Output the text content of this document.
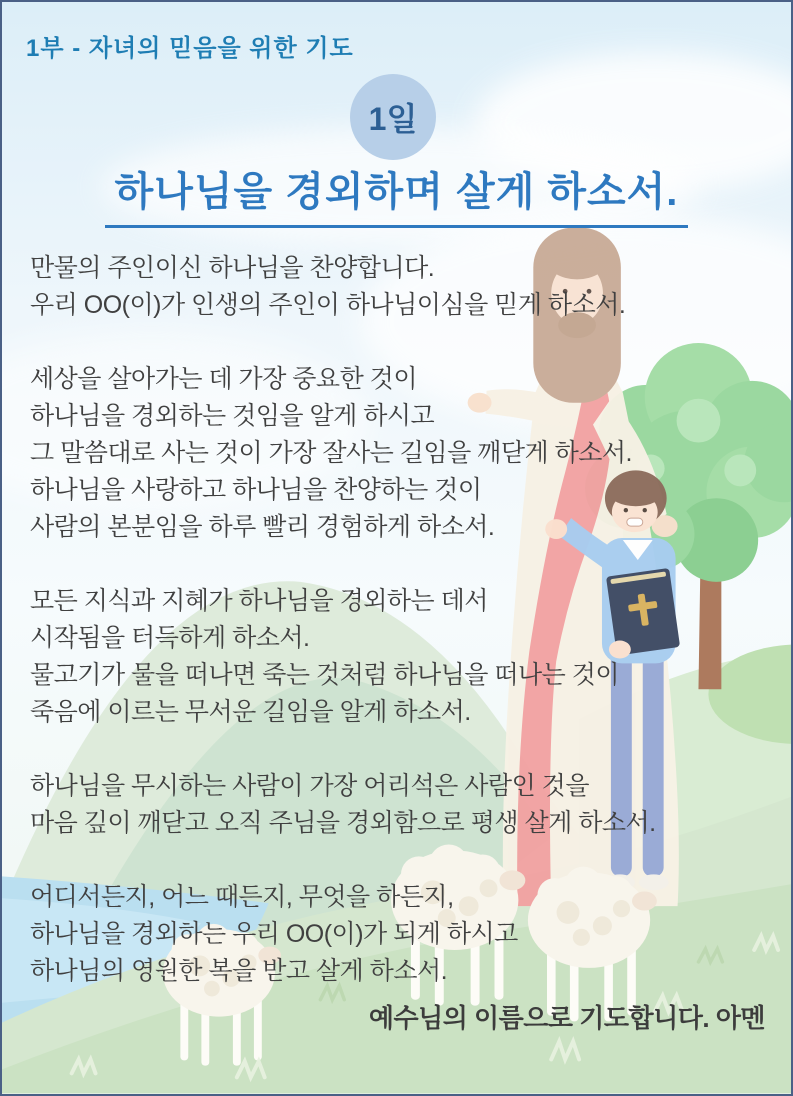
1부 - 자녀의 믿음을 위한 기도
1일
하나님을 경외하며 살게 하소서.

만물의 주인이신 하나님을 찬양합니다.
우리 OO(이)가 인생의 주인이 하나님이심을 믿게 하소서.

세상을 살아가는 데 가장 중요한 것이
하나님을 경외하는 것임을 알게 하시고
그 말씀대로 사는 것이 가장 잘사는 길임을 깨닫게 하소서.
하나님을 사랑하고 하나님을 찬양하는 것이
사람의 본분임을 하루 빨리 경험하게 하소서.

모든 지식과 지혜가 하나님을 경외하는 데서
시작됨을 터득하게 하소서.
물고기가 물을 떠나면 죽는 것처럼 하나님을 떠나는 것이
죽음에 이르는 무서운 길임을 알게 하소서.

하나님을 무시하는 사람이 가장 어리석은 사람인 것을
마음 깊이 깨닫고 오직 주님을 경외함으로 평생 살게 하소서.

어디서든지, 어느 때든지, 무엇을 하든지,
하나님을 경외하는 우리 OO(이)가 되게 하시고
하나님의 영원한 복을 받고 살게 하소서.

예수님의 이름으로 기도합니다. 아멘
